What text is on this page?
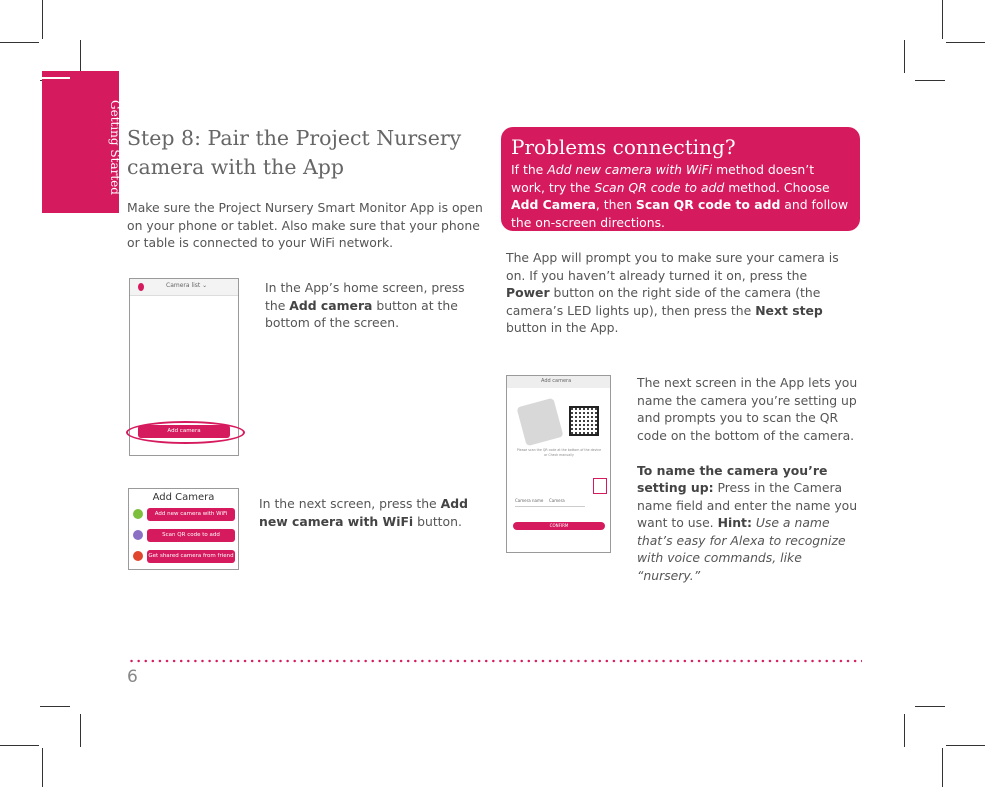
Getting Started Step 8: Pair the Project Nursery camera with the App

Make sure the Project Nursery Smart Monitor App is open on your phone or tablet. Also make sure that your phone or table is connected to your WiFi network.

Camera list ⌄
Add camera

In the App’s home screen, press the Add camera button at the bottom of the screen.

Add Camera
Add new camera with WiFi
Scan QR code to add
Get shared camera from friend

In the next screen, press the Add new camera with WiFi button.

Problems connecting?

If the Add new camera with WiFi method doesn’t work, try the Scan QR code to add method. Choose Add Camera, then Scan QR code to add and follow the on-screen directions.

The App will prompt you to make sure your camera is on. If you haven’t already turned it on, press the Power button on the right side of the camera (the camera’s LED lights up), then press the Next step button in the App.

Add camera
Please scan the QR code at the bottom of the device or Check manually
Camera name Camera
CONFIRM

The next screen in the App lets you name the camera you’re setting up and prompts you to scan the QR code on the bottom of the camera.

To name the camera you’re setting up: Press in the Camera name field and enter the name you want to use. Hint: Use a name that’s easy for Alexa to recognize with voice commands, like “nursery.”

6
